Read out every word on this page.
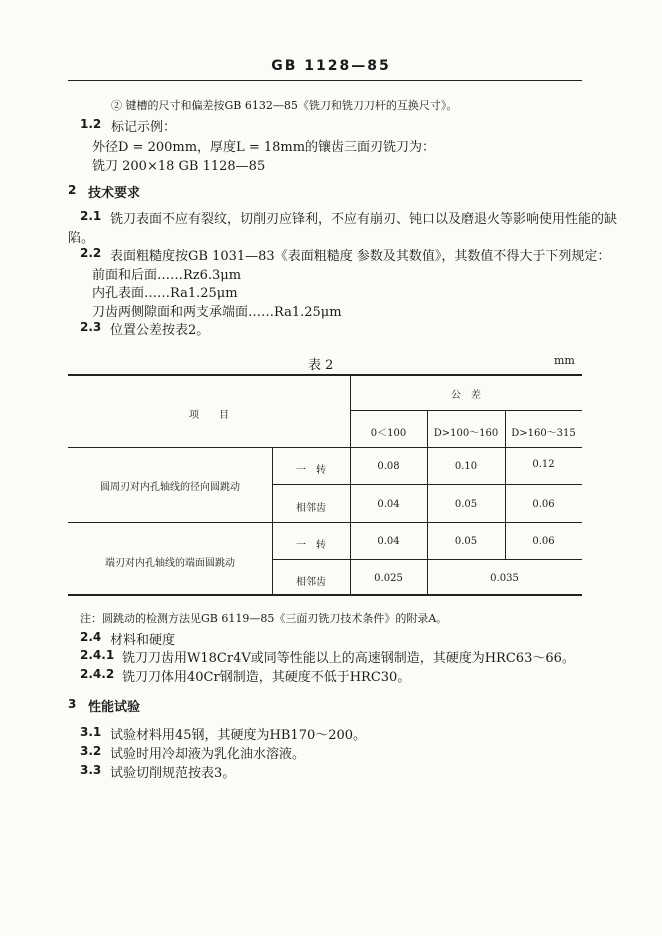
GB 1128—85
② 键槽的尺寸和偏差按GB 6132—85《铣刀和铣刀刀杆的互换尺寸》。
1.2 标记示例：
外径D = 200mm，厚度L = 18mm的镶齿三面刃铣刀为：
铣刀 200×18 GB 1128—85
2 技术要求
2.1 铣刀表面不应有裂纹，切削刃应锋利，不应有崩刃、钝口以及磨退火等影响使用性能的缺
陷。
2.2 表面粗糙度按GB 1031—83《表面粗糙度 参数及其数值》，其数值不得大于下列规定：
前面和后面……Rz6.3μm
内孔表面……Ra1.25μm
刀齿两侧隙面和两支承端面……Ra1.25μm
2.3 位置公差按表2。
表 2	mm
项　　目
公　差
0＜100	D>100～160	D>160～315
圆周刃对内孔轴线的径向圆跳动
一　转	0.08	0.10	0.12
相邻齿	0.04	0.05	0.06
端刃对内孔轴线的端面圆跳动
一　转	0.04	0.05	0.06
相邻齿	0.025	0.035
注：圆跳动的检测方法见GB 6119—85《三面刃铣刀技术条件》的附录A。
2.4 材料和硬度
2.4.1 铣刀刀齿用W18Cr4V或同等性能以上的高速钢制造，其硬度为HRC63～66。
2.4.2 铣刀刀体用40Cr钢制造，其硬度不低于HRC30。
3 性能试验
3.1 试验材料用45钢，其硬度为HB170～200。
3.2 试验时用冷却液为乳化油水溶液。
3.3 试验切削规范按表3。
